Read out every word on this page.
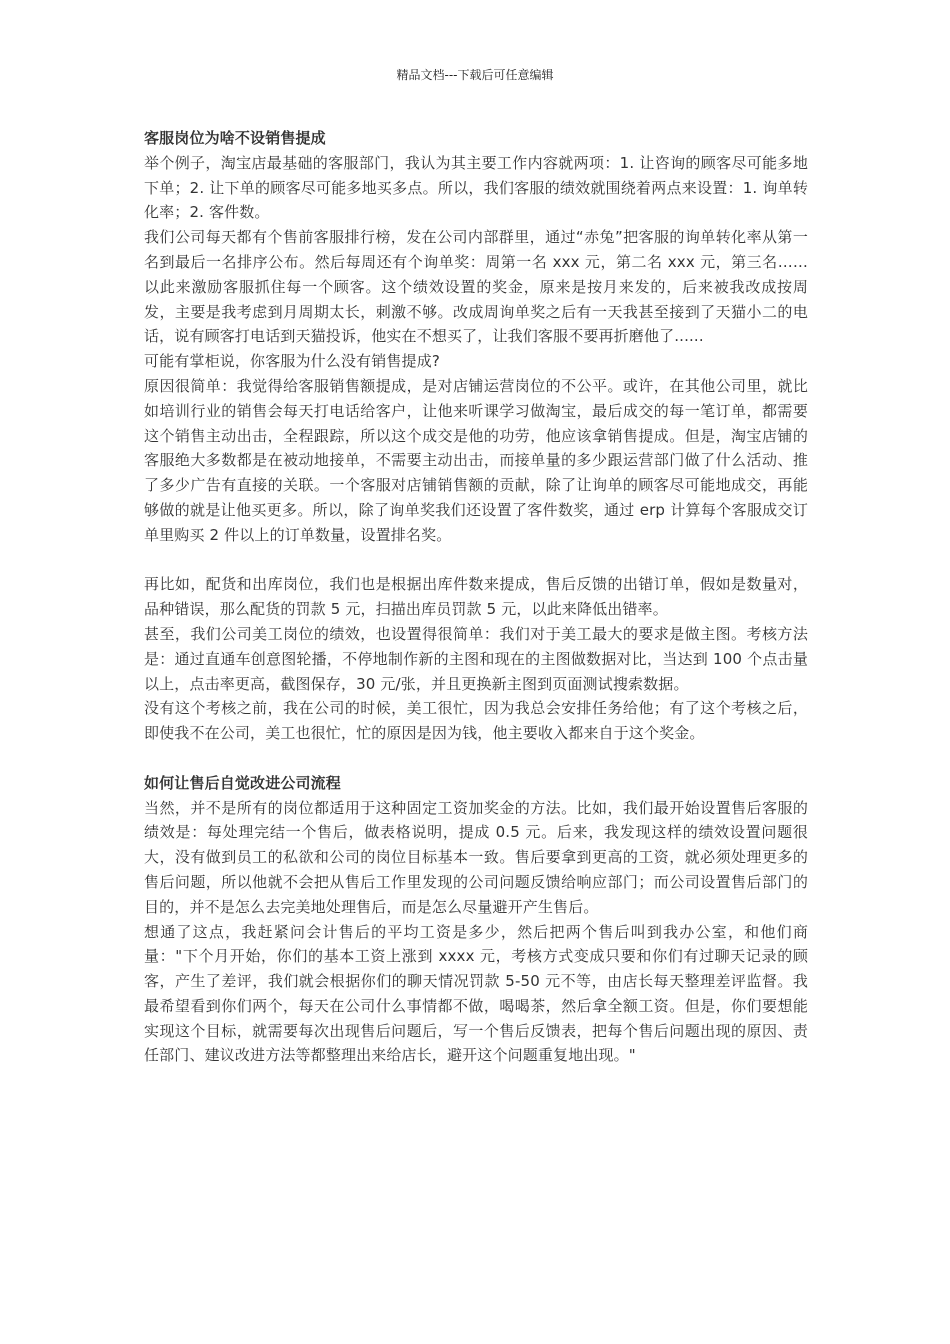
精品文档---下载后可任意编辑

客服岗位为啥不设销售提成

举个例子，淘宝店最基础的客服部门，我认为其主要工作内容就两项：1. 让咨询的顾客尽可能多地下单；2. 让下单的顾客尽可能多地买多点。所以，我们客服的绩效就围绕着两点来设置：1. 询单转化率；2. 客件数。

我们公司每天都有个售前客服排行榜，发在公司内部群里，通过“赤兔”把客服的询单转化率从第一名到最后一名排序公布。然后每周还有个询单奖：周第一名 xxx 元，第二名 xxx 元，第三名……以此来激励客服抓住每一个顾客。这个绩效设置的奖金，原来是按月来发的，后来被我改成按周发，主要是我考虑到月周期太长，刺激不够。改成周询单奖之后有一天我甚至接到了天猫小二的电话，说有顾客打电话到天猫投诉，他实在不想买了，让我们客服不要再折磨他了......

可能有掌柜说，你客服为什么没有销售提成?

原因很简单：我觉得给客服销售额提成，是对店铺运营岗位的不公平。或许，在其他公司里，就比如培训行业的销售会每天打电话给客户，让他来听课学习做淘宝，最后成交的每一笔订单，都需要这个销售主动出击，全程跟踪，所以这个成交是他的功劳，他应该拿销售提成。但是，淘宝店铺的客服绝大多数都是在被动地接单，不需要主动出击，而接单量的多少跟运营部门做了什么活动、推了多少广告有直接的关联。一个客服对店铺销售额的贡献，除了让询单的顾客尽可能地成交，再能够做的就是让他买更多。所以，除了询单奖我们还设置了客件数奖，通过 erp 计算每个客服成交订单里购买 2 件以上的订单数量，设置排名奖。

再比如，配货和出库岗位，我们也是根据出库件数来提成，售后反馈的出错订单，假如是数量对，品种错误，那么配货的罚款 5 元，扫描出库员罚款 5 元，以此来降低出错率。

甚至，我们公司美工岗位的绩效，也设置得很简单：我们对于美工最大的要求是做主图。考核方法是：通过直通车创意图轮播，不停地制作新的主图和现在的主图做数据对比，当达到 100 个点击量以上，点击率更高，截图保存，30 元/张，并且更换新主图到页面测试搜索数据。

没有这个考核之前，我在公司的时候，美工很忙，因为我总会安排任务给他；有了这个考核之后，即使我不在公司，美工也很忙，忙的原因是因为钱，他主要收入都来自于这个奖金。

如何让售后自觉改进公司流程

当然，并不是所有的岗位都适用于这种固定工资加奖金的方法。比如，我们最开始设置售后客服的绩效是：每处理完结一个售后，做表格说明，提成 0.5 元。后来，我发现这样的绩效设置问题很大，没有做到员工的私欲和公司的岗位目标基本一致。售后要拿到更高的工资，就必须处理更多的售后问题，所以他就不会把从售后工作里发现的公司问题反馈给响应部门；而公司设置售后部门的目的，并不是怎么去完美地处理售后，而是怎么尽量避开产生售后。

想通了这点，我赶紧问会计售后的平均工资是多少，然后把两个售后叫到我办公室，和他们商量："下个月开始，你们的基本工资上涨到 xxxx 元，考核方式变成只要和你们有过聊天记录的顾客，产生了差评，我们就会根据你们的聊天情况罚款 5-50 元不等，由店长每天整理差评监督。我最希望看到你们两个，每天在公司什么事情都不做，喝喝茶，然后拿全额工资。但是，你们要想能实现这个目标，就需要每次出现售后问题后，写一个售后反馈表，把每个售后问题出现的原因、责任部门、建议改进方法等都整理出来给店长，避开这个问题重复地出现。"
